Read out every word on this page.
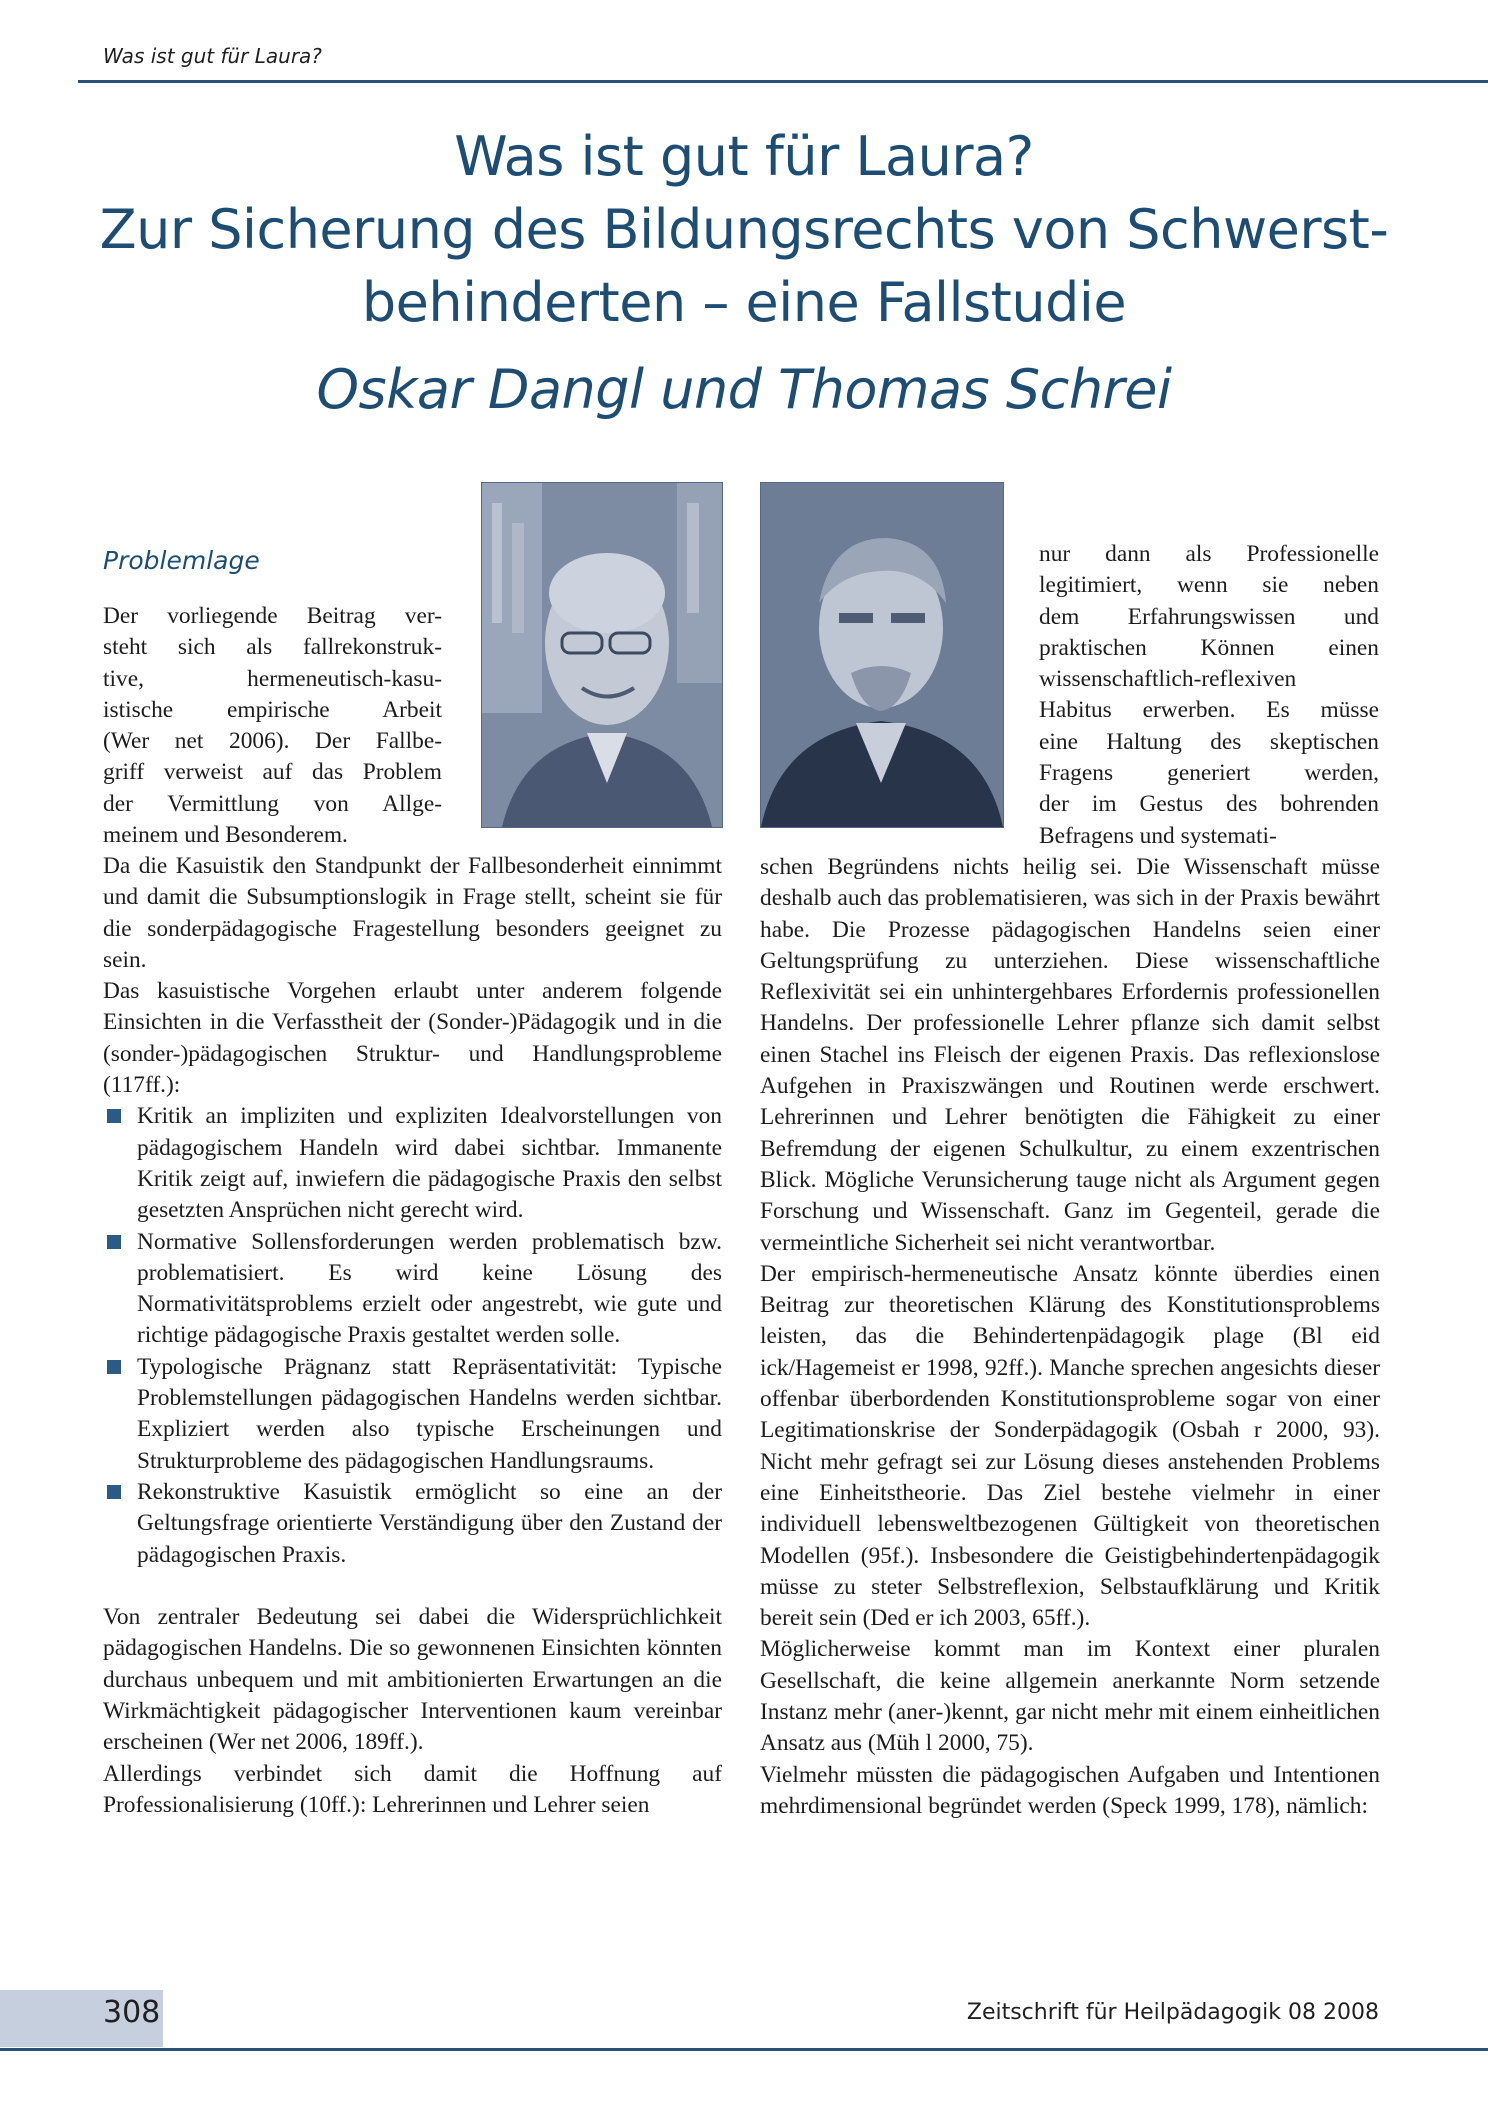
Was ist gut für Laura?
Was ist gut für Laura?
Zur Sicherung des Bildungsrechts von Schwerst-
behinderten – eine Fallstudie
Oskar Dangl und Thomas Schrei
Problemlage
Der vorliegende Beitrag ver-
steht sich als fallrekonstruk-
tive, hermeneutisch-kasu-
istische empirische Arbeit
(Wer net 2006). Der Fallbe-
griff verweist auf das Problem
der Vermittlung von Allge-
meinem und Besonderem.

Da die Kasuistik den Standpunkt der Fallbesonderheit einnimmt und damit die Subsumptionslogik in Frage stellt, scheint sie für die sonderpädagogische Fragestellung besonders geeignet zu sein.

Das kasuistische Vorgehen erlaubt unter anderem folgende Einsichten in die Verfasstheit der (Sonder-)Pädagogik und in die (sonder-)pädagogischen Struktur- und Handlungsprobleme (117ff.):

Kritik an impliziten und expliziten Idealvorstellungen von pädagogischem Handeln wird dabei sichtbar. Immanente Kritik zeigt auf, inwiefern die pädagogische Praxis den selbst gesetzten Ansprüchen nicht gerecht wird.
Normative Sollensforderungen werden problematisch bzw. problematisiert. Es wird keine Lösung des Normativitätsproblems erzielt oder angestrebt, wie gute und richtige pädagogische Praxis gestaltet werden solle.
Typologische Prägnanz statt Repräsentativität: Typische Problemstellungen pädagogischen Handelns werden sichtbar. Expliziert werden also typische Erscheinungen und Strukturprobleme des pädagogischen Handlungsraums.
Rekonstruktive Kasuistik ermöglicht so eine an der Geltungsfrage orientierte Verständigung über den Zustand der pädagogischen Praxis.

Von zentraler Bedeutung sei dabei die Widersprüchlichkeit pädagogischen Handelns. Die so gewonnenen Einsichten könnten durchaus unbequem und mit ambitionierten Erwartungen an die Wirkmächtigkeit pädagogischer Interventionen kaum vereinbar erscheinen (Wer net 2006, 189ff.).

Allerdings verbindet sich damit die Hoffnung auf Professionalisierung (10ff.): Lehrerinnen und Lehrer seien

nur dann als Professionelle
legitimiert, wenn sie neben
dem Erfahrungswissen und
praktischen Können einen
wissenschaftlich-reflexiven
Habitus erwerben. Es müsse
eine Haltung des skeptischen
Fragens generiert werden,
der im Gestus des bohrenden
Befragens und systemati-

schen Begründens nichts heilig sei. Die Wissenschaft müsse deshalb auch das problematisieren, was sich in der Praxis bewährt habe. Die Prozesse pädagogischen Handelns seien einer Geltungsprüfung zu unterziehen. Diese wissenschaftliche Reflexivität sei ein unhintergehbares Erfordernis professionellen Handelns. Der professionelle Lehrer pflanze sich damit selbst einen Stachel ins Fleisch der eigenen Praxis. Das reflexionslose Aufgehen in Praxiszwängen und Routinen werde erschwert. Lehrerinnen und Lehrer benötigten die Fähigkeit zu einer Befremdung der eigenen Schulkultur, zu einem exzentrischen Blick. Mögliche Verunsicherung tauge nicht als Argument gegen Forschung und Wissenschaft. Ganz im Gegenteil, gerade die vermeintliche Sicherheit sei nicht verantwortbar.

Der empirisch-hermeneutische Ansatz könnte überdies einen Beitrag zur theoretischen Klärung des Konstitutionsproblems leisten, das die Behindertenpädagogik plage (Bl eid ick/Hagemeist er 1998, 92ff.). Manche sprechen angesichts dieser offenbar überbordenden Konstitutionsprobleme sogar von einer Legitimationskrise der Sonderpädagogik (Osbah r 2000, 93). Nicht mehr gefragt sei zur Lösung dieses anstehenden Problems eine Einheitstheorie. Das Ziel bestehe vielmehr in einer individuell lebensweltbezogenen Gültigkeit von theoretischen Modellen (95f.). Insbesondere die Geistigbehindertenpädagogik müsse zu steter Selbstreflexion, Selbstaufklärung und Kritik bereit sein (Ded er ich 2003, 65ff.).

Möglicherweise kommt man im Kontext einer pluralen Gesellschaft, die keine allgemein anerkannte Norm setzende Instanz mehr (aner-)kennt, gar nicht mehr mit einem einheitlichen Ansatz aus (Müh l 2000, 75).

Vielmehr müssten die pädagogischen Aufgaben und Intentionen mehrdimensional begründet werden (Speck 1999, 178), nämlich:

308	Zeitschrift für Heilpädagogik 08 2008
